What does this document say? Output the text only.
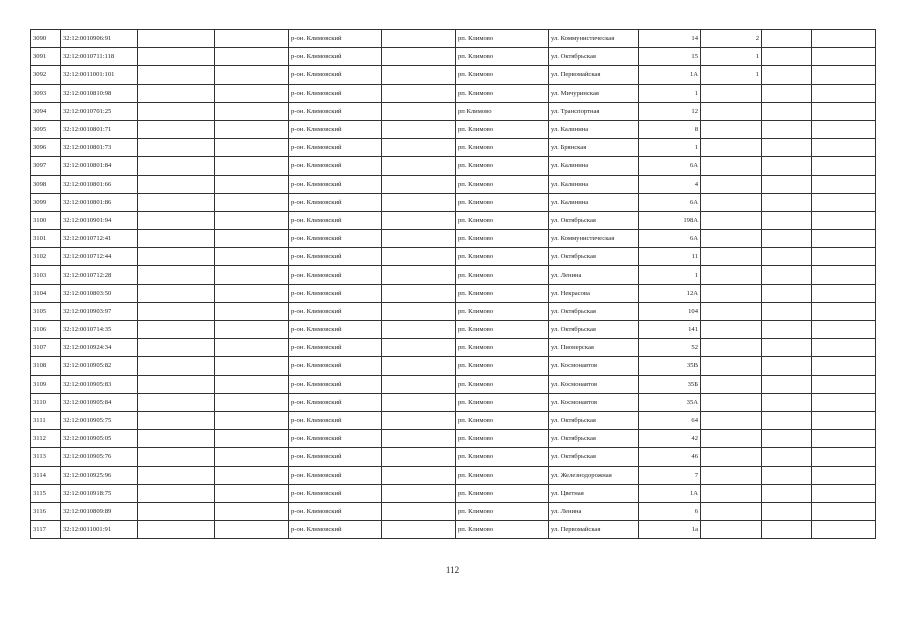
3090	32:12:0010906:91			р-он. Климовский		рп. Климово	ул. Коммунистическая	14	2		
3091	32:12:0010711:118			р-он. Климовский		рп. Климово	ул. Октябрьская	15	1		
3092	32:12:0011001:101			р-он. Климовский		рп. Климово	ул. Первомайская	1А	1		
3093	32:12:0010810:98			р-он. Климовский		рп. Климово	ул. Мичуринская	1			
3094	32:12:0010701:25			р-он. Климовский		рп Климово	ул. Транспортная	12			
3095	32:12:0010801:71			р-он. Климовский		рп. Климово	ул. Калинина	8			
3096	32:12:0010801:73			р-он. Климовский		рп. Климово	ул. Брянская	1			
3097	32:12:0010801:84			р-он. Климовский		рп. Климово	ул. Калинина	6А			
3098	32:12:0010801:66			р-он. Климовский		рп. Климово	ул. Калинина	4			
3099	32:12:0010801:86			р-он. Климовский		рп. Климово	ул. Калинина	6А			
3100	32:12:0010901:94			р-он. Климовский		рп. Климово	ул. Октябрьская	198А			
3101	32:12:0010712:41			р-он. Климовский		рп. Климово	ул. Коммунистическая	6А			
3102	32:12:0010712:44			р-он. Климовский		рп. Климово	ул. Октябрьская	11			
3103	32:12:0010712:28			р-он. Климовский		рп. Климово	ул. Ленина	1			
3104	32:12:0010803:50			р-он. Климовский		рп. Климово	ул. Некрасова	12А			
3105	32:12:0010903:97			р-он. Климовский		рп. Климово	ул. Октябрьская	104			
3106	32:12:0010714:35			р-он. Климовский		рп. Климово	ул. Октябрьская	141			
3107	32:12:0010924:34			р-он. Климовский		рп. Климово	ул. Пионерская	52			
3108	32:12:0010905:82			р-он. Климовский		рп. Климово	ул. Космонавтов	35В			
3109	32:12:0010905:83			р-он. Климовский		рп. Климово	ул. Космонавтов	35Б			
3110	32:12:0010905:84			р-он. Климовский		рп. Климово	ул. Космонавтов	35А			
3111	32:12:0010905:75			р-он. Климовский		рп. Климово	ул. Октябрьская	64			
3112	32:12:0010905:05			р-он. Климовский		рп. Климово	ул. Октябрьская	42			
3113	32:12:0010905:76			р-он. Климовский		рп. Климово	ул. Октябрьская	46			
3114	32:12:0010925:96			р-он. Климовский		рп. Климово	ул. Железнодорожная	7			
3115	32:12:0010918:75			р-он. Климовский		рп. Климово	ул. Цветная	1А			
3116	32:12:0010809:89			р-он. Климовский		рп. Климово	ул. Ленина	6			
3117	32:12:0011001:91			р-он. Климовский		рп. Климово	ул. Первомайская	1а			
112
